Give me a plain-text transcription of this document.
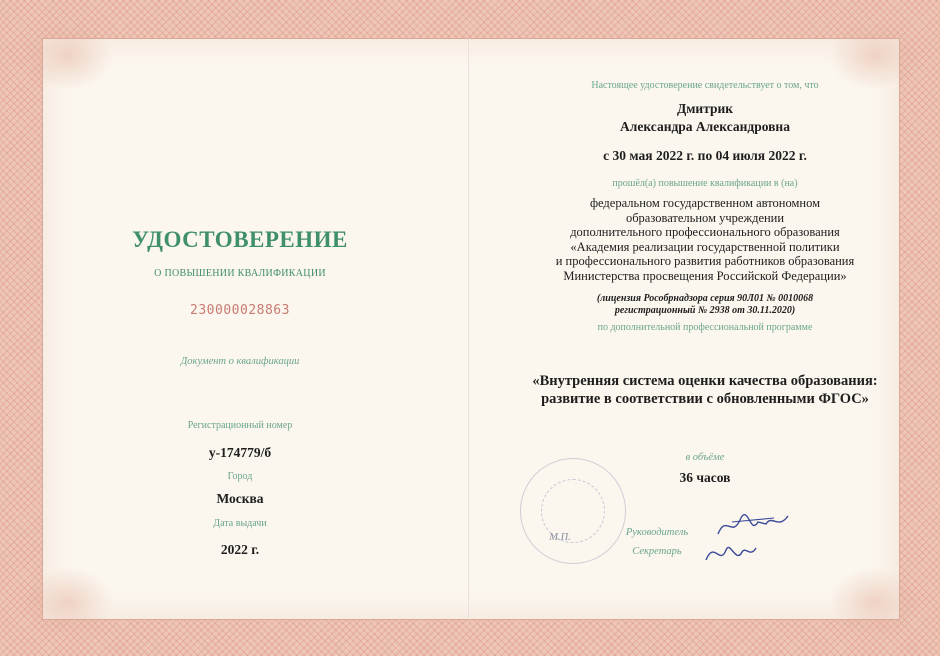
УДОСТОВЕРЕНИЕ
О ПОВЫШЕНИИ КВАЛИФИКАЦИИ
230000028863
Документ о квалификации
Регистрационный номер
у-174779/б
Город
Москва
Дата выдачи
2022 г.
Настоящее удостоверение свидетельствует о том, что
Дмитрик
Александра Александровна
с 30 мая 2022 г. по 04 июля 2022 г.
прошёл(а) повышение квалификации в (на)
федеральном государственном автономном
образовательном учреждении
дополнительного профессионального образования
«Академия реализации государственной политики
и профессионального развития работников образования
Министерства просвещения Российской Федерации»
(лицензия Рособрнадзора серия 90Л01 № 0010068
регистрационный № 2938 от 30.11.2020)
по дополнительной профессиональной программе
«Внутренняя система оценки качества образования:
развитие в соответствии с обновленными ФГОС»
в объёме
36 часов
М.П.	Руководитель
Секретарь
